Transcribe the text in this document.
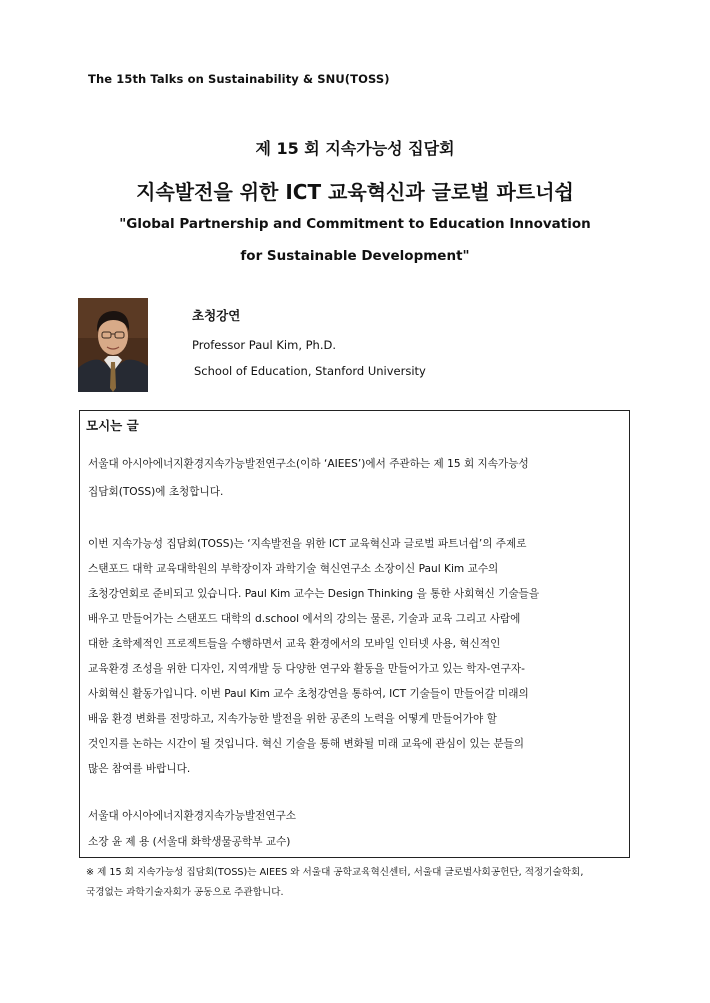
The 15th Talks on Sustainability & SNU(TOSS)
제 15 회 지속가능성 집담회
지속발전을 위한 ICT 교육혁신과 글로벌 파트너쉽
"Global Partnership and Commitment to Education Innovation
for Sustainable Development"
초청강연
Professor Paul Kim, Ph.D.
School of Education, Stanford University
모시는 글
서울대 아시아에너지환경지속가능발전연구소(이하 ‘AIEES’)에서 주관하는 제 15 회 지속가능성
집담회(TOSS)에 초청합니다.
이번 지속가능성 집담회(TOSS)는 ‘지속발전을 위한 ICT 교육혁신과 글로벌 파트너쉽’의 주제로
스탠포드 대학 교육대학원의 부학장이자 과학기술 혁신연구소 소장이신 Paul Kim 교수의
초청강연회로 준비되고 있습니다. Paul Kim 교수는 Design Thinking 을 통한 사회혁신 기술들을
배우고 만들어가는 스탠포드 대학의 d.school 에서의 강의는 물론, 기술과 교육 그리고 사람에
대한 초학제적인 프로젝트들을 수행하면서 교육 환경에서의 모바일 인터넷 사용, 혁신적인
교육환경 조성을 위한 디자인, 지역개발 등 다양한 연구와 활동을 만들어가고 있는 학자-연구자-
사회혁신 활동가입니다. 이번 Paul Kim 교수 초청강연을 통하여, ICT 기술들이 만들어갈 미래의
배움 환경 변화를 전망하고, 지속가능한 발전을 위한 공존의 노력을 어떻게 만들어가야 할
것인지를 논하는 시간이 될 것입니다. 혁신 기술을 통해 변화될 미래 교육에 관심이 있는 분들의
많은 참여를 바랍니다.
서울대 아시아에너지환경지속가능발전연구소
소장 윤 제 용 (서울대 화학생물공학부 교수)
※ 제 15 회 지속가능성 집담회(TOSS)는 AIEES 와 서울대 공학교육혁신센터, 서울대 글로벌사회공헌단, 적정기술학회,
국경없는 과학기술자회가 공동으로 주관합니다.
